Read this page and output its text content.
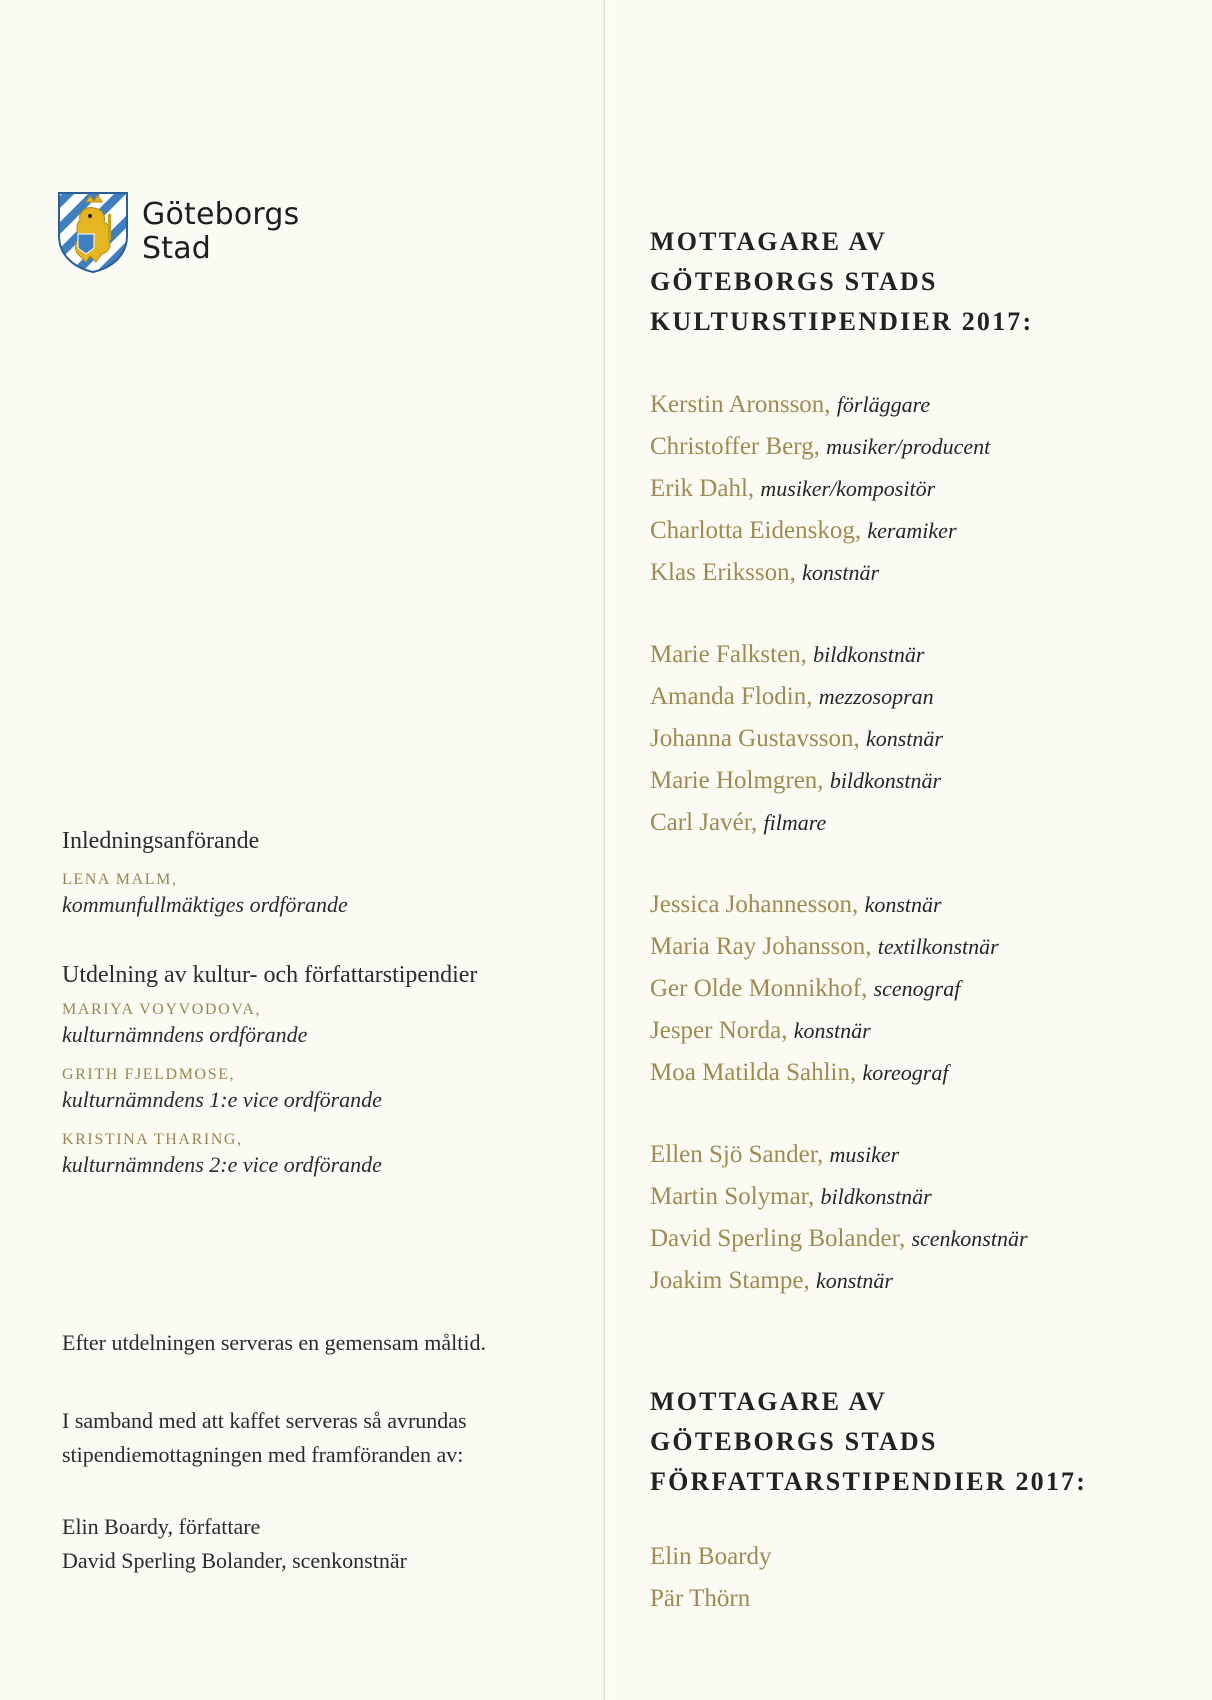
Göteborgs
Stad

Inledningsanförande

LENA MALM,
kommunfullmäktiges ordförande

Utdelning av kultur- och författarstipendier

MARIYA VOYVODOVA,
kulturnämndens ordförande
GRITH FJELDMOSE,
kulturnämndens 1:e vice ordförande
KRISTINA THARING,
kulturnämndens 2:e vice ordförande

Efter utdelningen serveras en gemensam måltid.

I samband med att kaffet serveras så avrundas

stipendiemottagningen med framföranden av:

Elin Boardy, författare

David Sperling Bolander, scenkonstnär

MOTTAGARE AV
GÖTEBORGS STADS
KULTURSTIPENDIER 2017:
Kerstin Aronsson, förläggare
Christoffer Berg, musiker/producent
Erik Dahl, musiker/kompositör
Charlotta Eidenskog, keramiker
Klas Eriksson, konstnär
Marie Falksten, bildkonstnär
Amanda Flodin, mezzosopran
Johanna Gustavsson, konstnär
Marie Holmgren, bildkonstnär
Carl Javér, filmare
Jessica Johannesson, konstnär
Maria Ray Johansson, textilkonstnär
Ger Olde Monnikhof, scenograf
Jesper Norda, konstnär
Moa Matilda Sahlin, koreograf
Ellen Sjö Sander, musiker
Martin Solymar, bildkonstnär
David Sperling Bolander, scenkonstnär
Joakim Stampe, konstnär
MOTTAGARE AV
GÖTEBORGS STADS
FÖRFATTARSTIPENDIER 2017:
Elin Boardy
Pär Thörn
